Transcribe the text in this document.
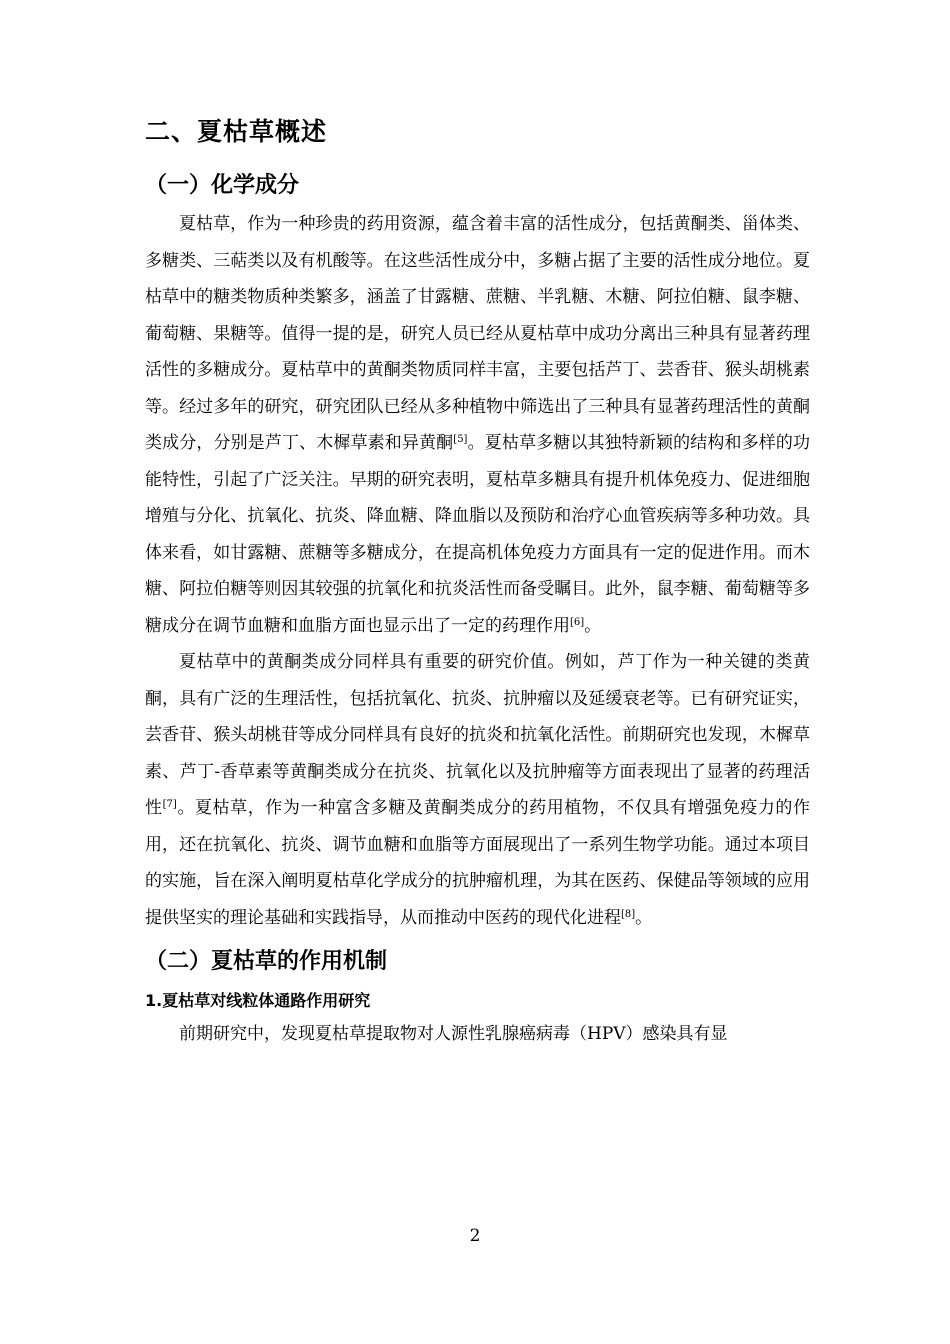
二、夏枯草概述
（一）化学成分

夏枯草，作为一种珍贵的药用资源，蕴含着丰富的活性成分，包括黄酮类、甾体类、多糖类、三萜类以及有机酸等。在这些活性成分中，多糖占据了主要的活性成分地位。夏枯草中的糖类物质种类繁多，涵盖了甘露糖、蔗糖、半乳糖、木糖、阿拉伯糖、鼠李糖、葡萄糖、果糖等。值得一提的是，研究人员已经从夏枯草中成功分离出三种具有显著药理活性的多糖成分。夏枯草中的黄酮类物质同样丰富，主要包括芦丁、芸香苷、猴头胡桃素等。经过多年的研究，研究团队已经从多种植物中筛选出了三种具有显著药理活性的黄酮类成分，分别是芦丁、木樨草素和异黄酮[5]。夏枯草多糖以其独特新颖的结构和多样的功能特性，引起了广泛关注。早期的研究表明，夏枯草多糖具有提升机体免疫力、促进细胞增殖与分化、抗氧化、抗炎、降血糖、降血脂以及预防和治疗心血管疾病等多种功效。具体来看，如甘露糖、蔗糖等多糖成分，在提高机体免疫力方面具有一定的促进作用。而木糖、阿拉伯糖等则因其较强的抗氧化和抗炎活性而备受瞩目。此外，鼠李糖、葡萄糖等多糖成分在调节血糖和血脂方面也显示出了一定的药理作用[6]。

夏枯草中的黄酮类成分同样具有重要的研究价值。例如，芦丁作为一种关键的类黄酮，具有广泛的生理活性，包括抗氧化、抗炎、抗肿瘤以及延缓衰老等。已有研究证实，芸香苷、猴头胡桃苷等成分同样具有良好的抗炎和抗氧化活性。前期研究也发现，木樨草素、芦丁-香草素等黄酮类成分在抗炎、抗氧化以及抗肿瘤等方面表现出了显著的药理活性[7]。夏枯草，作为一种富含多糖及黄酮类成分的药用植物，不仅具有增强免疫力的作用，还在抗氧化、抗炎、调节血糖和血脂等方面展现出了一系列生物学功能。通过本项目的实施，旨在深入阐明夏枯草化学成分的抗肿瘤机理，为其在医药、保健品等领域的应用提供坚实的理论基础和实践指导，从而推动中医药的现代化进程[8]。

（二）夏枯草的作用机制
1.夏枯草对线粒体通路作用研究

前期研究中，发现夏枯草提取物对人源性乳腺癌病毒（HPV）感染具有显

2
